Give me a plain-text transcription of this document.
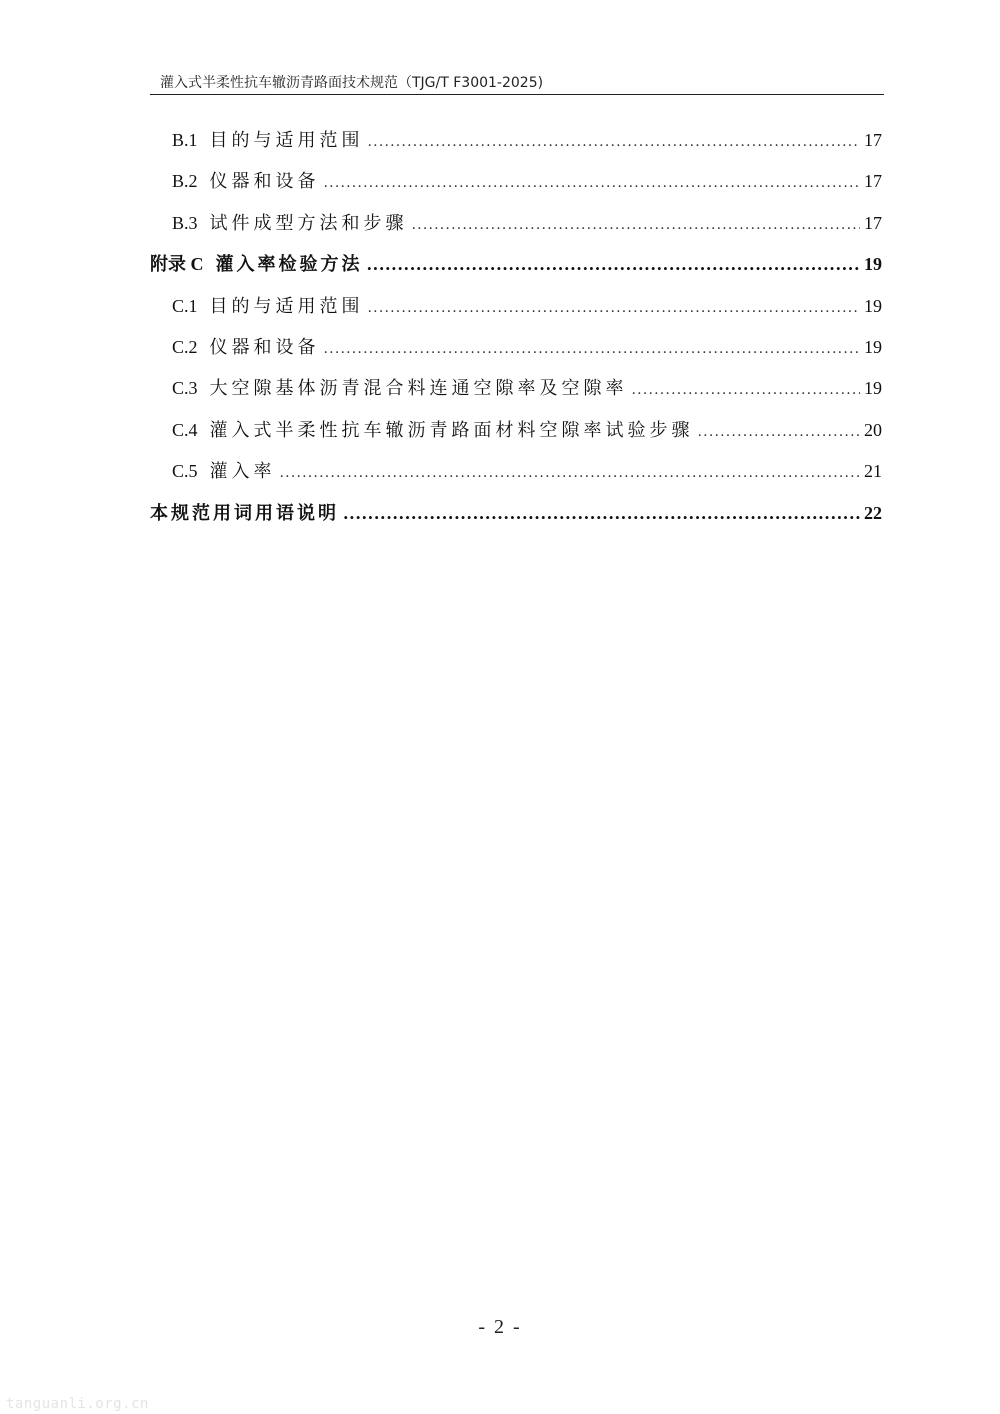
灌入式半柔性抗车辙沥青路面技术规范（TJG/T F3001-2025)
B.1 目的与适用范围 .....	17
B.2 仪器和设备 .....	17
B.3 试件成型方法和步骤 .....	17
附录 C 灌入率检验方法 .....	19
C.1 目的与适用范围 .....	19
C.2 仪器和设备 .....	19
C.3 大空隙基体沥青混合料连通空隙率及空隙率 .....	19
C.4 灌入式半柔性抗车辙沥青路面材料空隙率试验步骤 .....	20
C.5 灌入率 .....	21
本规范用词用语说明 .....	22
- 2 -
tanguanli.org.cn
